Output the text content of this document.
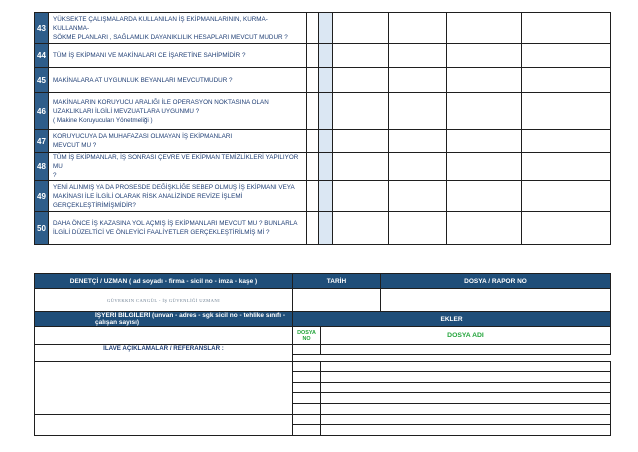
43	YÜKSEKTE ÇALIŞMALARDA KULLANILAN İŞ EKİPMANLARININ, KURMA-KULLANMA-
SÖKME PLANLARI , SAĞLAMLIK DAYANIKLILIK HESAPLARI MEVCUT MUDUR ?						

44	TÜM İŞ EKİPMANI VE MAKİNALARI CE İŞARETİNE SAHİPMİDİR ?						

45	MAKİNALARA AT UYGUNLUK BEYANLARI MEVCUTMUDUR ?						

46	MAKİNALARIN KORUYUCU ARALIĞI İLE OPERASYON NOKTASINA OLAN
UZAKLIKLARI İLGİLİ MEVZUATLARA UYGUNMU ?
( Makine Koruyucuları Yönetmeliği )						

47	KORUYUCUYA DA MUHAFAZASI OLMAYAN İŞ EKİPMANLARI
MEVCUT MU ?						

48	TÜM İŞ EKİPMANLAR, İŞ SONRASI ÇEVRE VE EKİPMAN TEMİZLİKLERİ YAPILIYOR MU
?						

49	YENİ ALINMIŞ YA DA PROSESDE DEĞİŞKLİĞE SEBEP OLMUŞ İŞ EKİPMANI VEYA
MAKİNASI İLE İLGİLİ OLARAK RİSK ANALİZİNDE REVİZE İŞLEMİ
GERÇEKLEŞTİRİMİŞMİDİR?						

50	DAHA ÖNCE İŞ KAZASINA YOL AÇMIŞ İŞ EKİPMANLARI MEVCUT MU ? BUNLARLA
İLGİLİ DÜZELTİCİ VE ÖNLEYİCİ FAALİYETLER GERÇEKLEŞTİRİLMİŞ Mİ ?						

DENETÇİ / UZMAN ( ad soyadı - firma - sicil no - imza - kaşe )	TARİH	DOSYA / RAPOR NO

GÜVEKKIN CANGÜL - İŞ GÜVENLİĞİ UZMANI		

İŞYERİ BİLGİLERİ (unvan - adres - sgk sicil no - tehlike sınıfı - çalışan sayısı)	EKLER	
	DOSYA NO	DOSYA ADI
İLAVE AÇIKLAMALAR / REFERANSLAR :		
